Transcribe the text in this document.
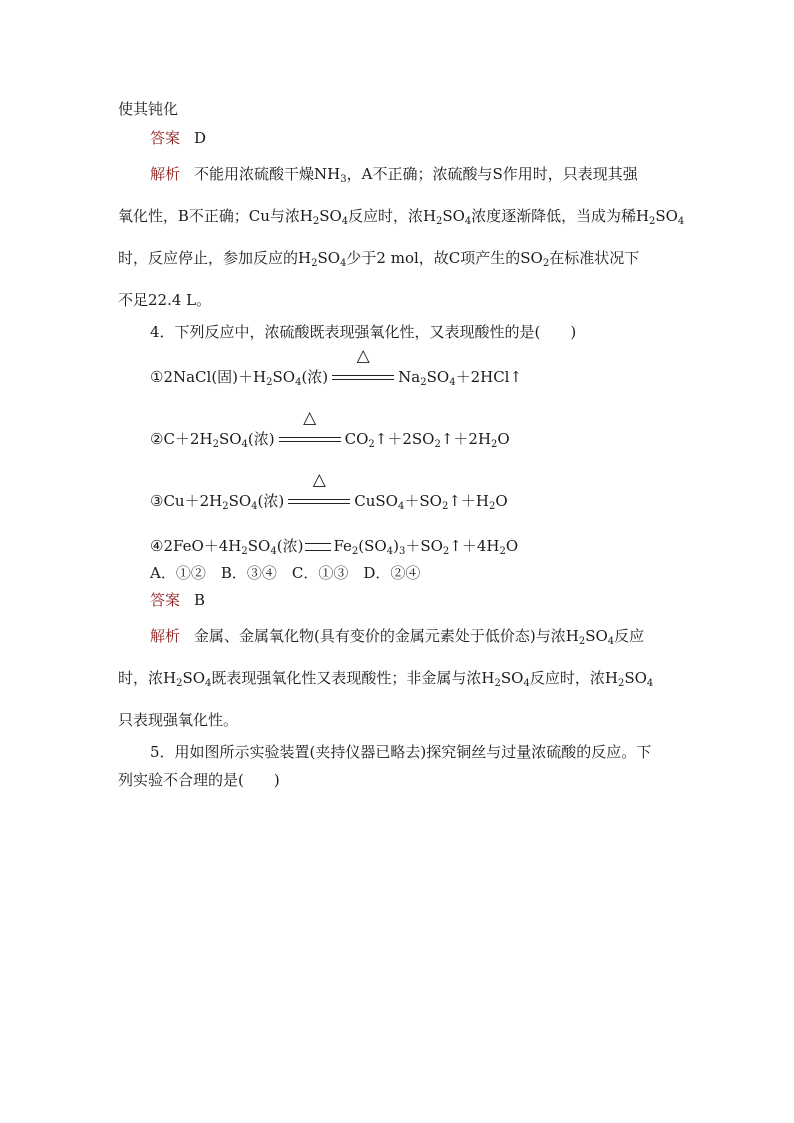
使其钝化
答案 D
解析 不能用浓硫酸干燥$NH_3$，A不正确；浓硫酸与S作用时，只表现其强
氧化性，B不正确；Cu与浓$H_2SO_4$反应时，浓$H_2SO_4$浓度逐渐降低，当成为稀$H_2SO_4$
时，反应停止，参加反应的$H_2SO_4$少于2 mol，故C项产生的$SO_2$在标准状况下
不足22.4 L。
4．下列反应中，浓硫酸既表现强氧化性，又表现酸性的是(　　)
①2NaCl(固)$+H_2SO_4$(浓)
△
$Na_2SO_4+2HCl↑$
$②C+2H_2SO_4$(浓)
△
$CO_2↑+2SO_2↑+2H_2O$
$③Cu+2H_2SO_4$(浓)
△
$CuSO_4+SO_2↑+H_2O$
$④2FeO+4H_2SO_4$(浓) $Fe_2(SO_4)_3+SO_2↑+4H_2O$
A．①②　B．③④　C．①③　D．②④
答案 B
解析 金属、金属氧化物(具有变价的金属元素处于低价态)与浓$H_2SO_4$反应
时，浓$H_2SO_4$既表现强氧化性又表现酸性；非金属与浓$H_2SO_4$反应时，浓$H_2SO_4$
只表现强氧化性。
5．用如图所示实验装置(夹持仪器已略去)探究铜丝与过量浓硫酸的反应。下
列实验不合理的是(　　)
